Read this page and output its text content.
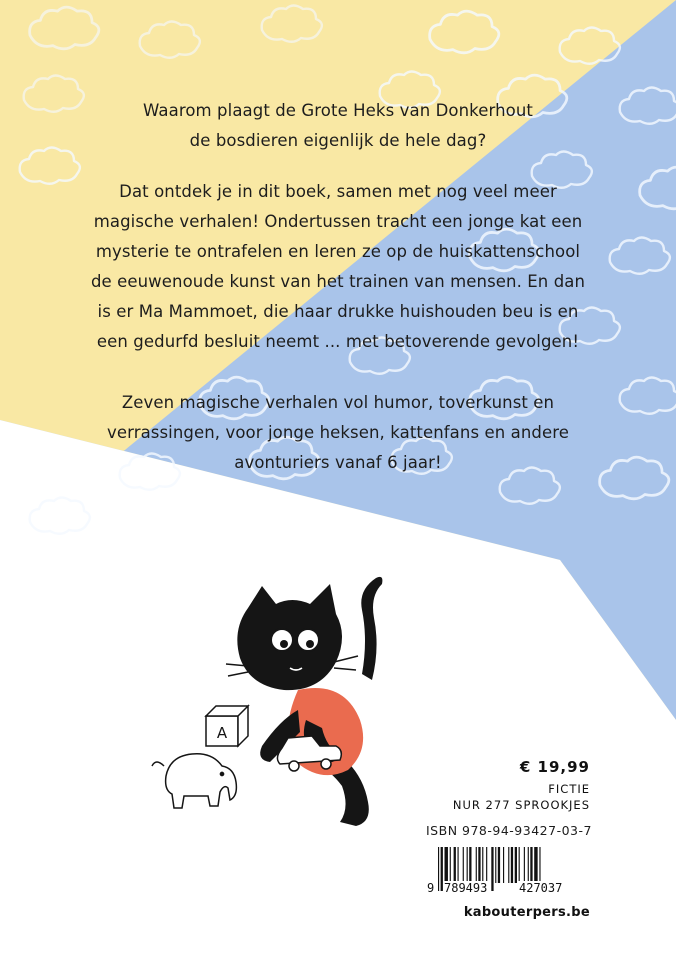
Waarom plaagt de Grote Heks van Donkerhout
de bosdieren eigenlijk de hele dag?

Dat ontdek je in dit boek, samen met nog veel meer
magische verhalen! Ondertussen tracht een jonge kat een
mysterie te ontrafelen en leren ze op de huiskattenschool
de eeuwenoude kunst van het trainen van mensen. En dan
is er Ma Mammoet, die haar drukke huishouden beu is en
een gedurfd besluit neemt ... met betoverende gevolgen!

Zeven magische verhalen vol humor, toverkunst en
verrassingen, voor jonge heksen, kattenfans en andere
avonturiers vanaf 6 jaar!

A
€ 19,99
FICTIE
NUR 277 SPROOKJES
ISBN 978-94-93427-03-7
9 789493	427037
kabouterpers.be
